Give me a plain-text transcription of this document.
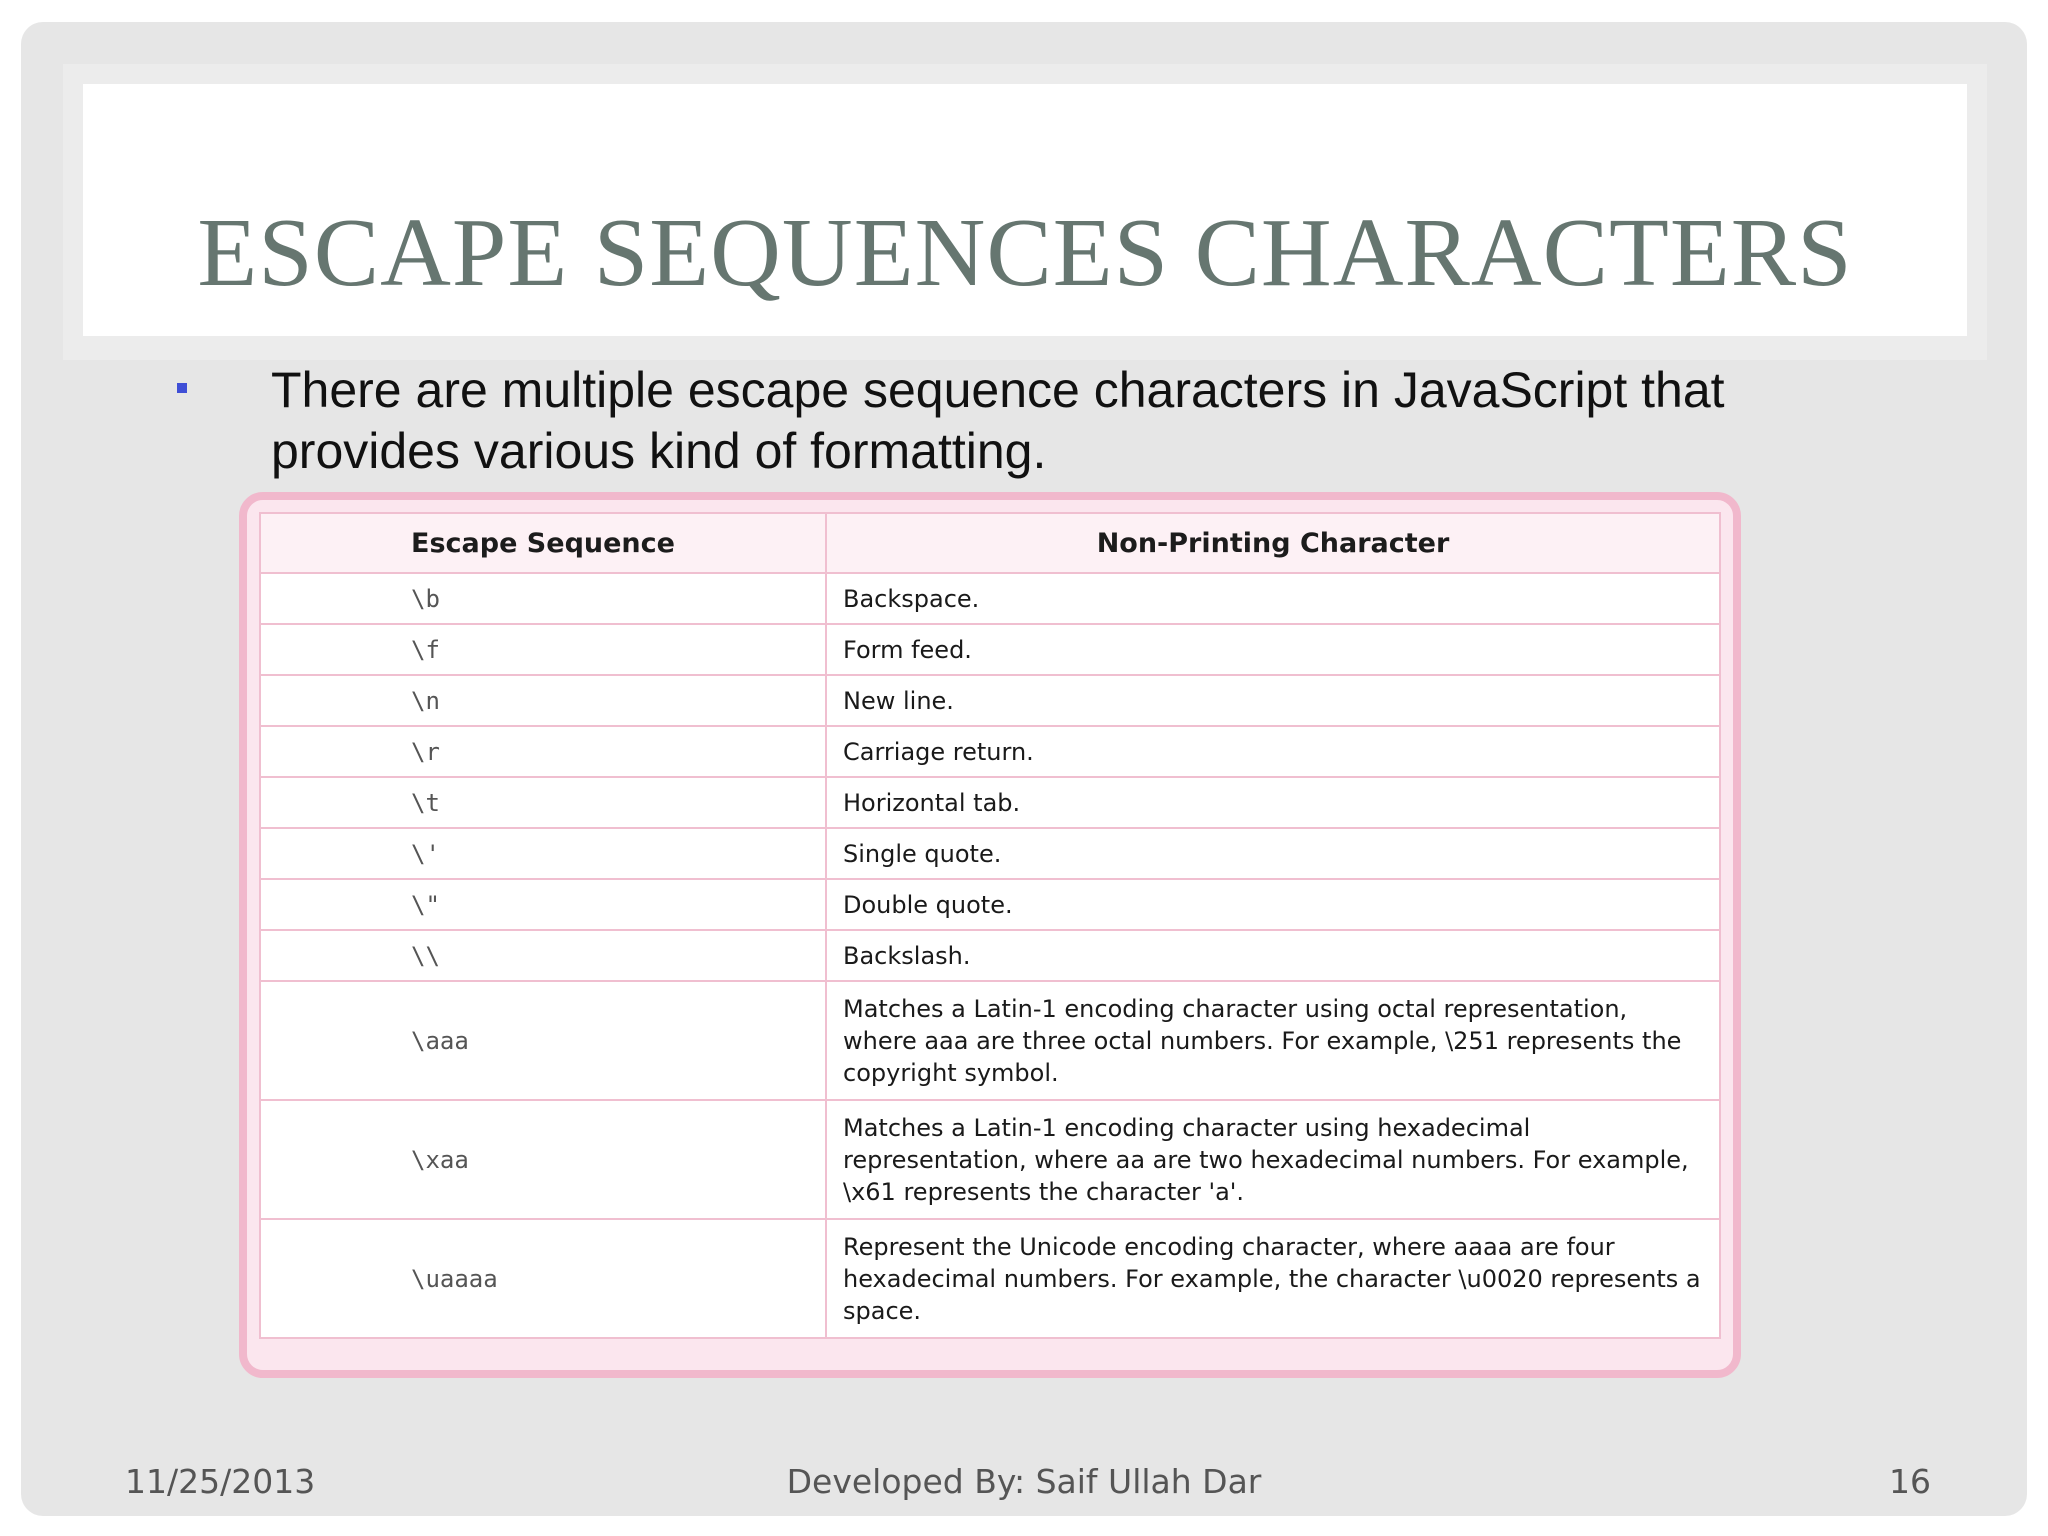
ESCAPE SEQUENCES CHARACTERS

There are multiple escape sequence characters in JavaScript that provides various kind of formatting.

Escape Sequence	Non-Printing Character
\b	Backspace.
\f	Form feed.
\n	New line.
\r	Carriage return.
\t	Horizontal tab.
\'	Single quote.
\"	Double quote.
\\	Backslash.
\aaa	Matches a Latin-1 encoding character using octal representation, where aaa are three octal numbers. For example, \251 represents the copyright symbol.
\xaa	Matches a Latin-1 encoding character using hexadecimal representation, where aa are two hexadecimal numbers. For example, \x61 represents the character 'a'.
\uaaaa	Represent the Unicode encoding character, where aaaa are four hexadecimal numbers. For example, the character \u0020 represents a space.
11/25/2013	Developed By: Saif Ullah Dar	16
